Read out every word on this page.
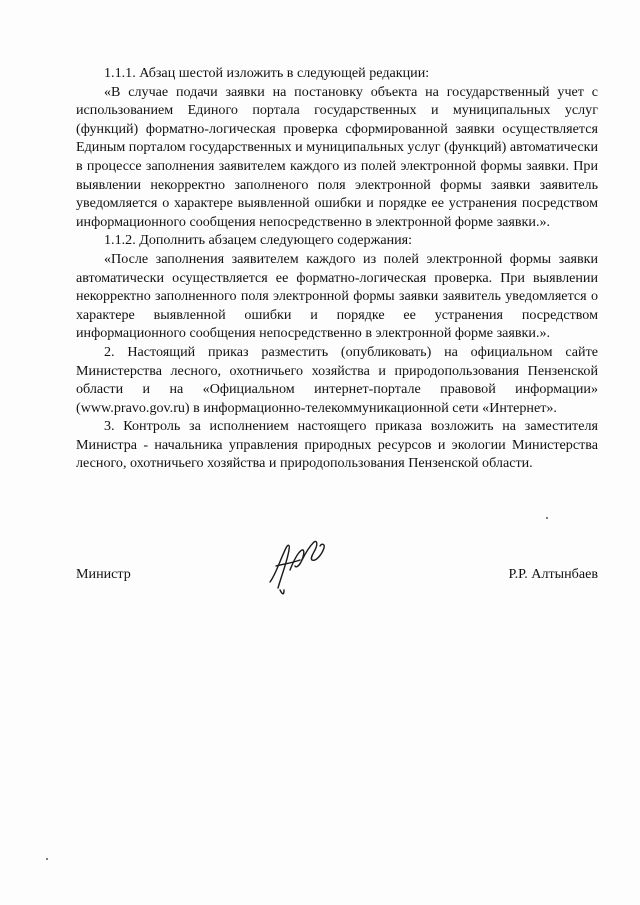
1.1.1. Абзац шестой изложить в следующей редакции:

«В случае подачи заявки на постановку объекта на государственный учет с использованием Единого портала государственных и муниципальных услуг (функций) форматно-логическая проверка сформированной заявки осуществляется Единым порталом государственных и муниципальных услуг (функций) автоматически в процессе заполнения заявителем каждого из полей электронной формы заявки. При выявлении некорректно заполненого поля электронной формы заявки заявитель уведомляется о характере выявленной ошибки и порядке ее устранения посредством информационного сообщения непосредственно в электронной форме заявки.».

1.1.2. Дополнить абзацем следующего содержания:

«После заполнения заявителем каждого из полей электронной формы заявки автоматически осуществляется ее форматно-логическая проверка. При выявлении некорректно заполненного поля электронной формы заявки заявитель уведомляется о характере выявленной ошибки и порядке ее устранения посредством информационного сообщения непосредственно в электронной форме заявки.».

2. Настоящий приказ разместить (опубликовать) на официальном сайте Министерства лесного, охотничьего хозяйства и природопользования Пензенской области и на «Официальном интернет-портале правовой информации» (www.pravo.gov.ru) в информационно-телекоммуникационной сети «Интернет».

3. Контроль за исполнением настоящего приказа возложить на заместителя Министра - начальника управления природных ресурсов и экологии Министерства лесного, охотничьего хозяйства и природопользования Пензенской области.

Министр	Р.Р. Алтынбаев
